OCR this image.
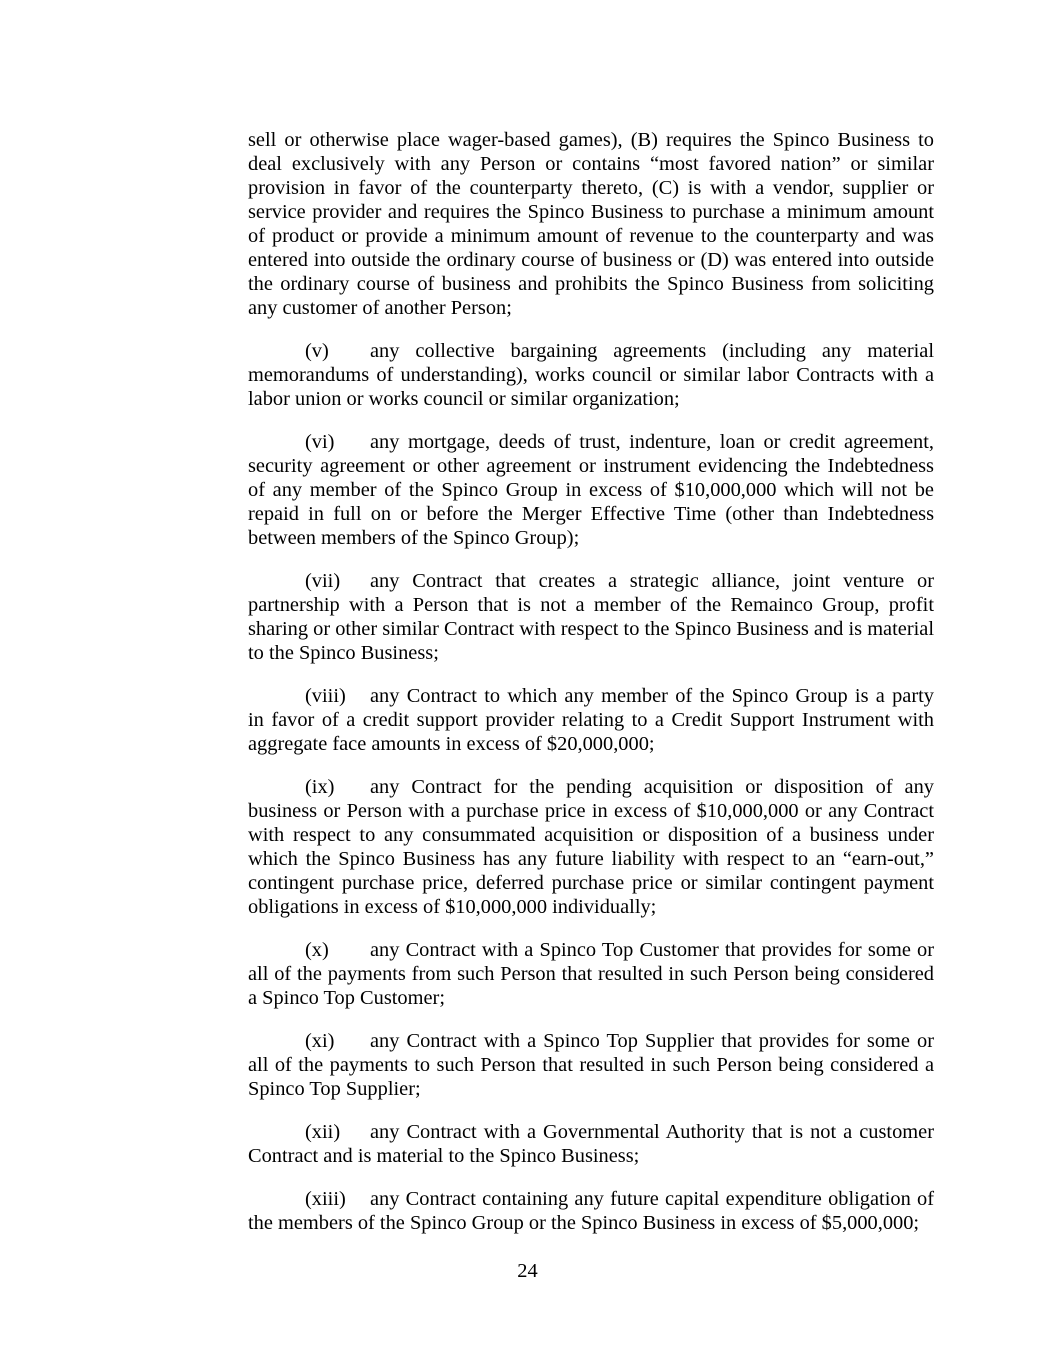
sell or otherwise place wager-based games), (B) requires the Spinco Business to
deal exclusively with any Person or contains “most favored nation” or similar
provision in favor of the counterparty thereto, (C) is with a vendor, supplier or
service provider and requires the Spinco Business to purchase a minimum amount
of product or provide a minimum amount of revenue to the counterparty and was
entered into outside the ordinary course of business or (D) was entered into outside
the ordinary course of business and prohibits the Spinco Business from soliciting
any customer of another Person;
(v)	any collective bargaining agreements (including any material
memorandums of understanding), works council or similar labor Contracts with a
labor union or works council or similar organization;
(vi)	any mortgage, deeds of trust, indenture, loan or credit agreement,
security agreement or other agreement or instrument evidencing the Indebtedness
of any member of the Spinco Group in excess of $10,000,000 which will not be
repaid in full on or before the Merger Effective Time (other than Indebtedness
between members of the Spinco Group);
(vii)	any Contract that creates a strategic alliance, joint venture or
partnership with a Person that is not a member of the Remainco Group, profit
sharing or other similar Contract with respect to the Spinco Business and is material
to the Spinco Business;
(viii)	any Contract to which any member of the Spinco Group is a party
in favor of a credit support provider relating to a Credit Support Instrument with
aggregate face amounts in excess of $20,000,000;
(ix)	any Contract for the pending acquisition or disposition of any
business or Person with a purchase price in excess of $10,000,000 or any Contract
with respect to any consummated acquisition or disposition of a business under
which the Spinco Business has any future liability with respect to an “earn-out,”
contingent purchase price, deferred purchase price or similar contingent payment
obligations in excess of $10,000,000 individually;
(x)	any Contract with a Spinco Top Customer that provides for some or
all of the payments from such Person that resulted in such Person being considered
a Spinco Top Customer;
(xi)	any Contract with a Spinco Top Supplier that provides for some or
all of the payments to such Person that resulted in such Person being considered a
Spinco Top Supplier;
(xii)	any Contract with a Governmental Authority that is not a customer
Contract and is material to the Spinco Business;
(xiii)	any Contract containing any future capital expenditure obligation of
the members of the Spinco Group or the Spinco Business in excess of $5,000,000;
24
